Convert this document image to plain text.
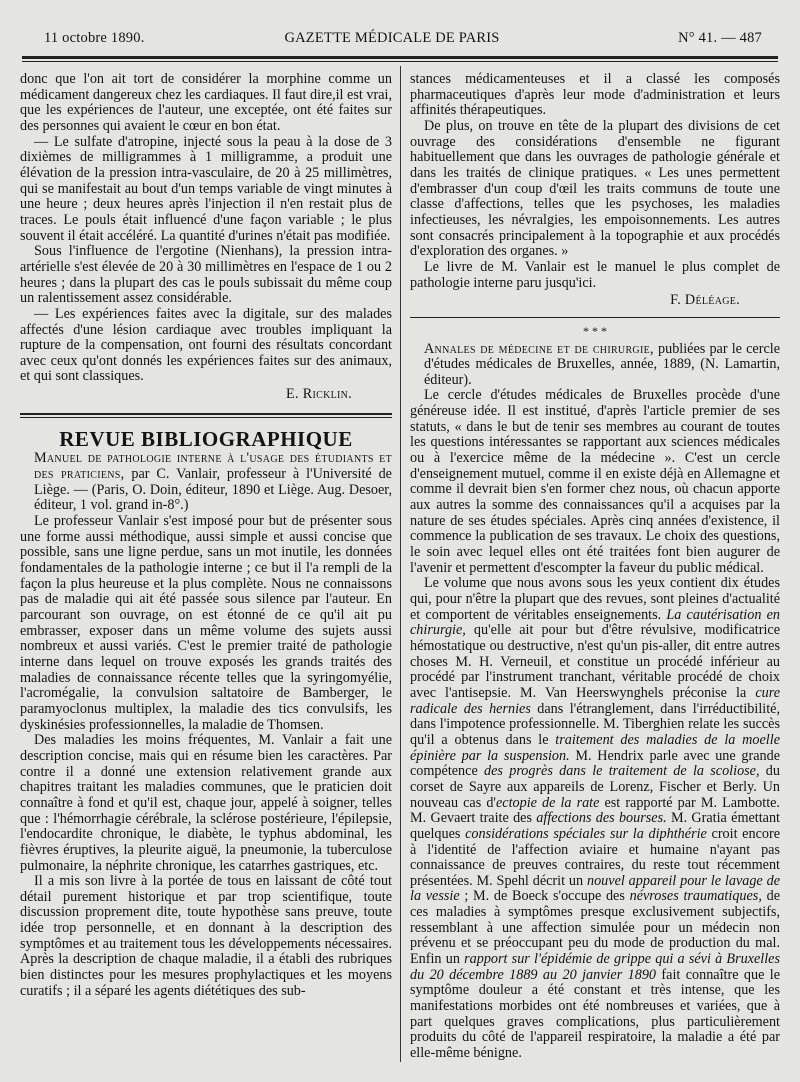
11 octobre 1890.	GAZETTE MÉDICALE DE PARIS	N° 41. — 487

donc que l'on ait tort de considérer la morphine comme un médicament dangereux chez les cardiaques. Il faut dire,il est vrai, que les expériences de l'auteur, une exceptée, ont été faites sur des personnes qui avaient le cœur en bon état.

— Le sulfate d'atropine, injecté sous la peau à la dose de 3 dixièmes de milligrammes à 1 milligramme, a produit une élévation de la pression intra-vasculaire, de 20 à 25 millimètres, qui se manifestait au bout d'un temps variable de vingt minutes à une heure ; deux heures après l'injection il n'en restait plus de traces. Le pouls était influencé d'une façon variable ; le plus souvent il était accéléré. La quantité d'urines n'était pas modifiée.

Sous l'influence de l'ergotine (Nienhans), la pression intra-artérielle s'est élevée de 20 à 30 millimètres en l'espace de 1 ou 2 heures ; dans la plupart des cas le pouls subissait du même coup un ralentissement assez considérable.

— Les expériences faites avec la digitale, sur des malades affectés d'une lésion cardiaque avec troubles impliquant la rupture de la compensation, ont fourni des résultats concordant avec ceux qu'ont donnés les expériences faites sur des animaux, et qui sont classiques.

E. Ricklin.

REVUE BIBLIOGRAPHIQUE

Manuel de pathologie interne à l'usage des étudiants et des praticiens, par C. Vanlair, professeur à l'Université de Liège. — (Paris, O. Doin, éditeur, 1890 et Liège. Aug. Desoer, éditeur, 1 vol. grand in-8°.)

Le professeur Vanlair s'est imposé pour but de présenter sous une forme aussi méthodique, aussi simple et aussi concise que possible, sans une ligne perdue, sans un mot inutile, les données fondamentales de la pathologie interne ; ce but il l'a rempli de la façon la plus heureuse et la plus complète. Nous ne connaissons pas de maladie qui ait été passée sous silence par l'auteur. En parcourant son ouvrage, on est étonné de ce qu'il ait pu embrasser, exposer dans un même volume des sujets aussi nombreux et aussi variés. C'est le premier traité de pathologie interne dans lequel on trouve exposés les grands traités des maladies de connaissance récente telles que la syringomyélie, l'acromégalie, la convulsion saltatoire de Bamberger, le paramyoclonus multiplex, la maladie des tics convulsifs, les dyskinésies professionnelles, la maladie de Thomsen.

Des maladies les moins fréquentes, M. Vanlair a fait une description concise, mais qui en résume bien les caractères. Par contre il a donné une extension relativement grande aux chapitres traitant les maladies communes, que le praticien doit connaître à fond et qu'il est, chaque jour, appelé à soigner, telles que : l'hémorrhagie cérébrale, la sclérose postérieure, l'épilepsie, l'endocardite chronique, le diabète, le typhus abdominal, les fièvres éruptives, la pleurite aiguë, la pneumonie, la tuberculose pulmonaire, la néphrite chronique, les catarrhes gastriques, etc.

Il a mis son livre à la portée de tous en laissant de côté tout détail purement historique et par trop scientifique, toute discussion proprement dite, toute hypothèse sans preuve, toute idée trop personnelle, et en donnant à la description des symptômes et au traitement tous les développements nécessaires. Après la description de chaque maladie, il a établi des rubriques bien distinctes pour les mesures prophylactiques et les moyens curatifs ; il a séparé les agents diététiques des sub-

stances médicamenteuses et il a classé les composés pharmaceutiques d'après leur mode d'administration et leurs affinités thérapeutiques.

De plus, on trouve en tête de la plupart des divisions de cet ouvrage des considérations d'ensemble ne figurant habituellement que dans les ouvrages de pathologie générale et dans les traités de clinique pratiques. « Les unes permettent d'embrasser d'un coup d'œil les traits communs de toute une classe d'affections, telles que les psychoses, les maladies infectieuses, les névralgies, les empoisonnements. Les autres sont consacrés principalement à la topographie et aux procédés d'exploration des organes. »

Le livre de M. Vanlair est le manuel le plus complet de pathologie interne paru jusqu'ici.

F. Déléage.

* * *

Annales de médecine et de chirurgie, publiées par le cercle d'études médicales de Bruxelles, année, 1889, (N. Lamartin, éditeur).

Le cercle d'études médicales de Bruxelles procède d'une généreuse idée. Il est institué, d'après l'article premier de ses statuts, « dans le but de tenir ses membres au courant de toutes les questions intéressantes se rapportant aux sciences médicales ou à l'exercice même de la médecine ». C'est un cercle d'enseignement mutuel, comme il en existe déjà en Allemagne et comme il devrait bien s'en former chez nous, où chacun apporte aux autres la somme des connaissances qu'il a acquises par la nature de ses études spéciales. Après cinq années d'existence, il commence la publication de ses travaux. Le choix des questions, le soin avec lequel elles ont été traitées font bien augurer de l'avenir et permettent d'escompter la faveur du public médical.

Le volume que nous avons sous les yeux contient dix études qui, pour n'être la plupart que des revues, sont pleines d'actualité et comportent de véritables enseignements. La cautérisation en chirurgie, qu'elle ait pour but d'être révulsive, modificatrice hémostatique ou destructive, n'est qu'un pis-aller, dit entre autres choses M. H. Verneuil, et constitue un procédé inférieur au procédé par l'instrument tranchant, véritable procédé de choix avec l'antisepsie. M. Van Heerswynghels préconise la cure radicale des hernies dans l'étranglement, dans l'irréductibilité, dans l'impotence professionnelle. M. Tiberghien relate les succès qu'il a obtenus dans le traitement des maladies de la moelle épinière par la suspension. M. Hendrix parle avec une grande compétence des progrès dans le traitement de la scoliose, du corset de Sayre aux appareils de Lorenz, Fischer et Berly. Un nouveau cas d'ectopie de la rate est rapporté par M. Lambotte. M. Gevaert traite des affections des bourses. M. Gratia émettant quelques considérations spéciales sur la diphthérie croit encore à l'identité de l'affection aviaire et humaine n'ayant pas connaissance de preuves contraires, du reste tout récemment présentées. M. Spehl décrit un nouvel appareil pour le lavage de la vessie ; M. de Boeck s'occupe des névroses traumatiques, de ces maladies à symptômes presque exclusivement subjectifs, ressemblant à une affection simulée pour un médecin non prévenu et se préoccupant peu du mode de production du mal. Enfin un rapport sur l'épidémie de grippe qui a sévi à Bruxelles du 20 décembre 1889 au 20 janvier 1890 fait connaître que le symptôme douleur a été constant et très intense, que les manifestations morbides ont été nombreuses et variées, que à part quelques graves complications, plus particulièrement produits du côté de l'appareil respiratoire, la maladie a été par elle-même bénigne.
